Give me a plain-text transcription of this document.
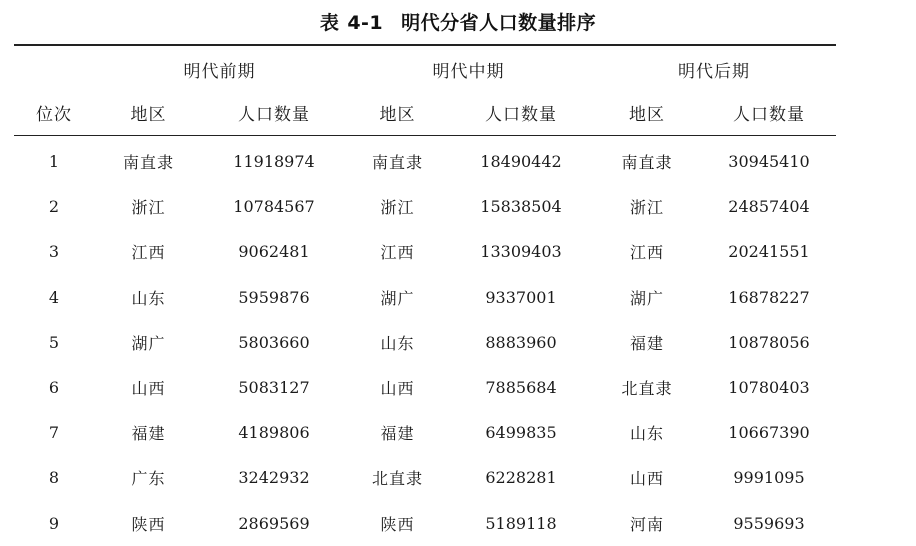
表 4-1 明代分省人口数量排序
	明代前期		明代中期		明代后期	
位次	地区	人口数量	地区	人口数量	地区	人口数量

1	南直隶	11918974	南直隶	18490442	南直隶	30945410
2	浙江	10784567	浙江	15838504	浙江	24857404
3	江西	9062481	江西	13309403	江西	20241551
4	山东	5959876	湖广	9337001	湖广	16878227
5	湖广	5803660	山东	8883960	福建	10878056
6	山西	5083127	山西	7885684	北直隶	10780403
7	福建	4189806	福建	6499835	山东	10667390
8	广东	3242932	北直隶	6228281	山西	9991095
9	陕西	2869569	陕西	5189118	河南	9559693
